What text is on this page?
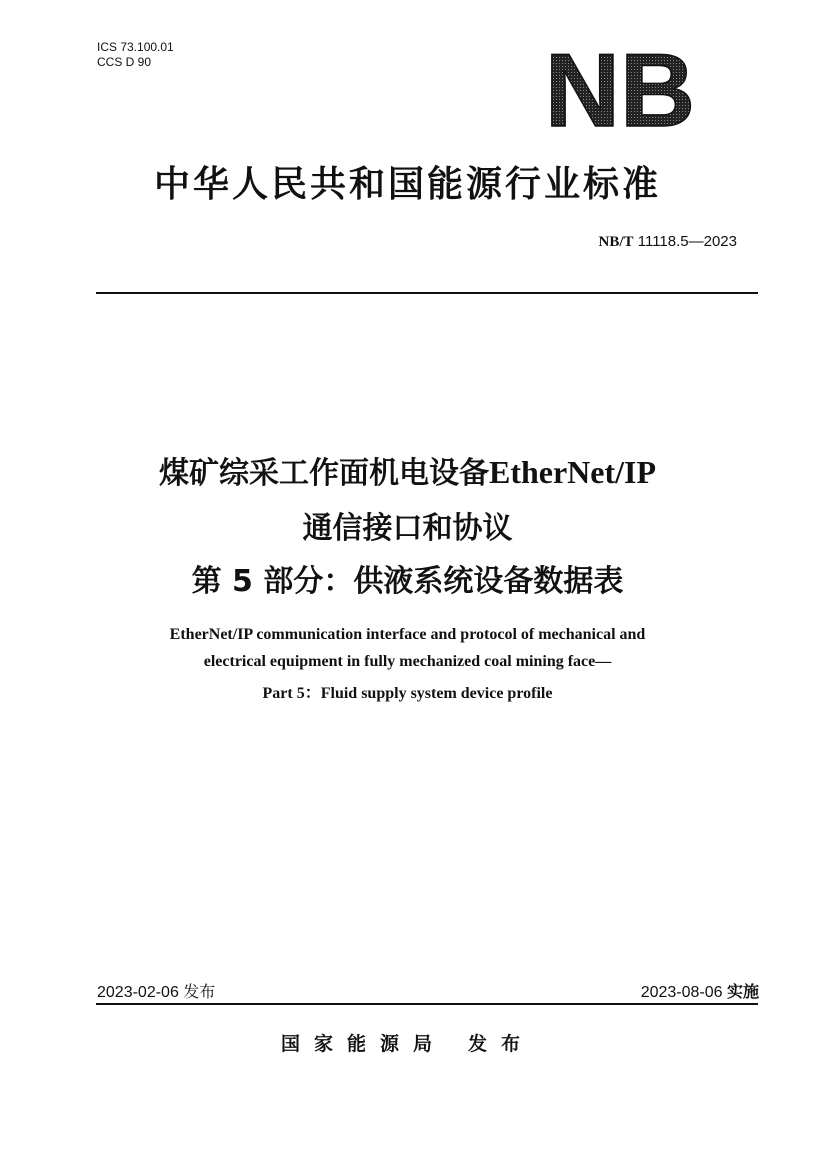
ICS 73.100.01
CCS D 90	NB
中华人民共和国能源行业标准
NB/T 11118.5—2023
煤矿综采工作面机电设备EtherNet/IP
通信接口和协议
第 5 部分：供液系统设备数据表
EtherNet/IP communication interface and protocol of mechanical and
electrical equipment in fully mechanized coal mining face—
Part 5：Fluid supply system device profile
2023-02-06 发布	2023-08-06 实施
国家能源局 发布
